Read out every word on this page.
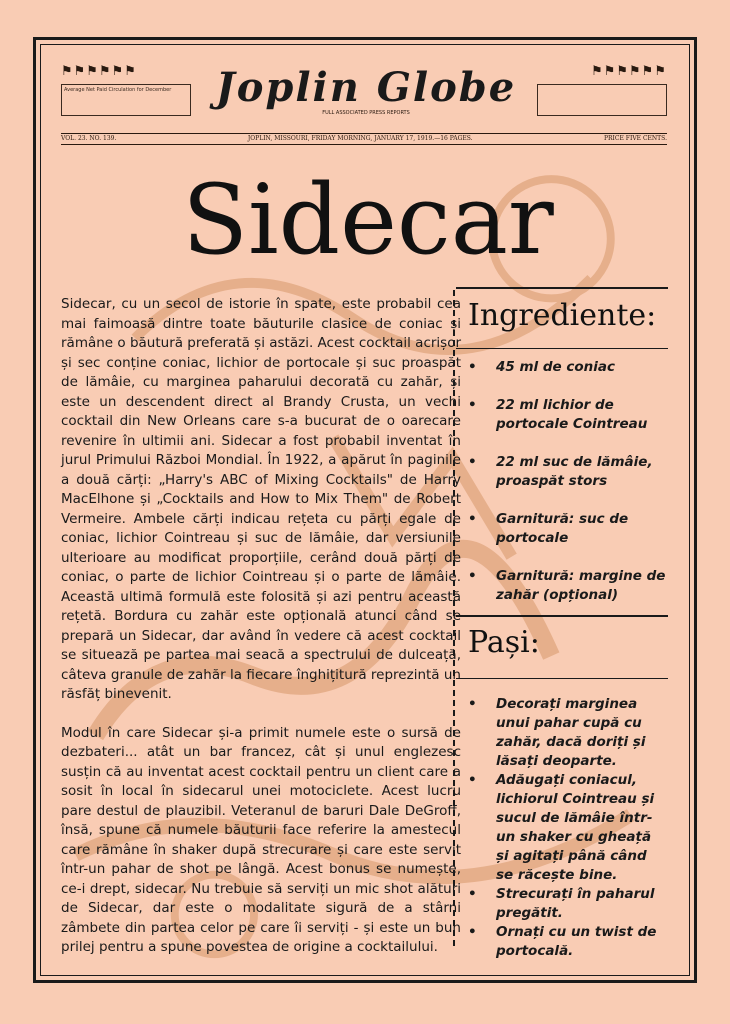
⚑⚑⚑⚑⚑⚑	⚑⚑⚑⚑⚑⚑
Average Net Paid Circulation for December	Joplin Globe
FULL ASSOCIATED PRESS REPORTS
VOL. 23. NO. 139.	JOPLIN, MISSOURI, FRIDAY MORNING, JANUARY 17, 1919.—16 PAGES.	PRICE FIVE CENTS.
Sidecar

Sidecar, cu un secol de istorie în spate, este probabil cea mai faimoasă dintre toate băuturile clasice de coniac și rămâne o băutură preferată și astăzi. Acest cocktail acrișor și sec conține coniac, lichior de portocale și suc proaspăt de lămâie, cu marginea paharului decorată cu zahăr, și este un descendent direct al Brandy Crusta, un vechi cocktail din New Orleans care s-a bucurat de o oarecare revenire în ultimii ani. Sidecar a fost probabil inventat în jurul Primului Război Mondial. În 1922, a apărut în paginile a două cărți: „Harry's ABC of Mixing Cocktails" de Harry MacElhone și „Cocktails and How to Mix Them" de Robert Vermeire. Ambele cărți indicau rețeta cu părți egale de coniac, lichior Cointreau și suc de lămâie, dar versiunile ulterioare au modificat proporțiile, cerând două părți de coniac, o parte de lichior Cointreau și o parte de lămâie. Această ultimă formulă este folosită și azi pentru această rețetă. Bordura cu zahăr este opțională atunci când se prepară un Sidecar, dar având în vedere că acest cocktail se situează pe partea mai seacă a spectrului de dulceață, câteva granule de zahăr la fiecare înghițitură reprezintă un răsfăț binevenit.

Modul în care Sidecar și-a primit numele este o sursă de dezbateri... atât un bar francez, cât și unul englezesc susțin că au inventat acest cocktail pentru un client care a sosit în local în sidecarul unei motociclete. Acest lucru pare destul de plauzibil. Veteranul de baruri Dale DeGroff, însă, spune că numele băuturii face referire la amestecul care rămâne în shaker după strecurare și care este servit într-un pahar de shot pe lângă. Acest bonus se numește, ce-i drept, sidecar. Nu trebuie să serviți un mic shot alături de Sidecar, dar este o modalitate sigură de a stârni zâmbete din partea celor pe care îi serviți - și este un bun prilej pentru a spune povestea de origine a cocktailului.

Ingrediente:
• 45 ml de coniac
• 22 ml lichior de portocale Cointreau
• 22 ml suc de lămâie, proaspăt stors
• Garnitură: suc de portocale
• Garnitură: margine de zahăr (opțional)
Pași:
• Decorați marginea unui pahar cupă cu zahăr, dacă doriți și lăsați deoparte.
• Adăugați coniacul, lichiorul Cointreau și sucul de lămâie într-un shaker cu gheață și agitați până când se răcește bine.
• Strecurați în paharul pregătit.
• Ornați cu un twist de portocală.
